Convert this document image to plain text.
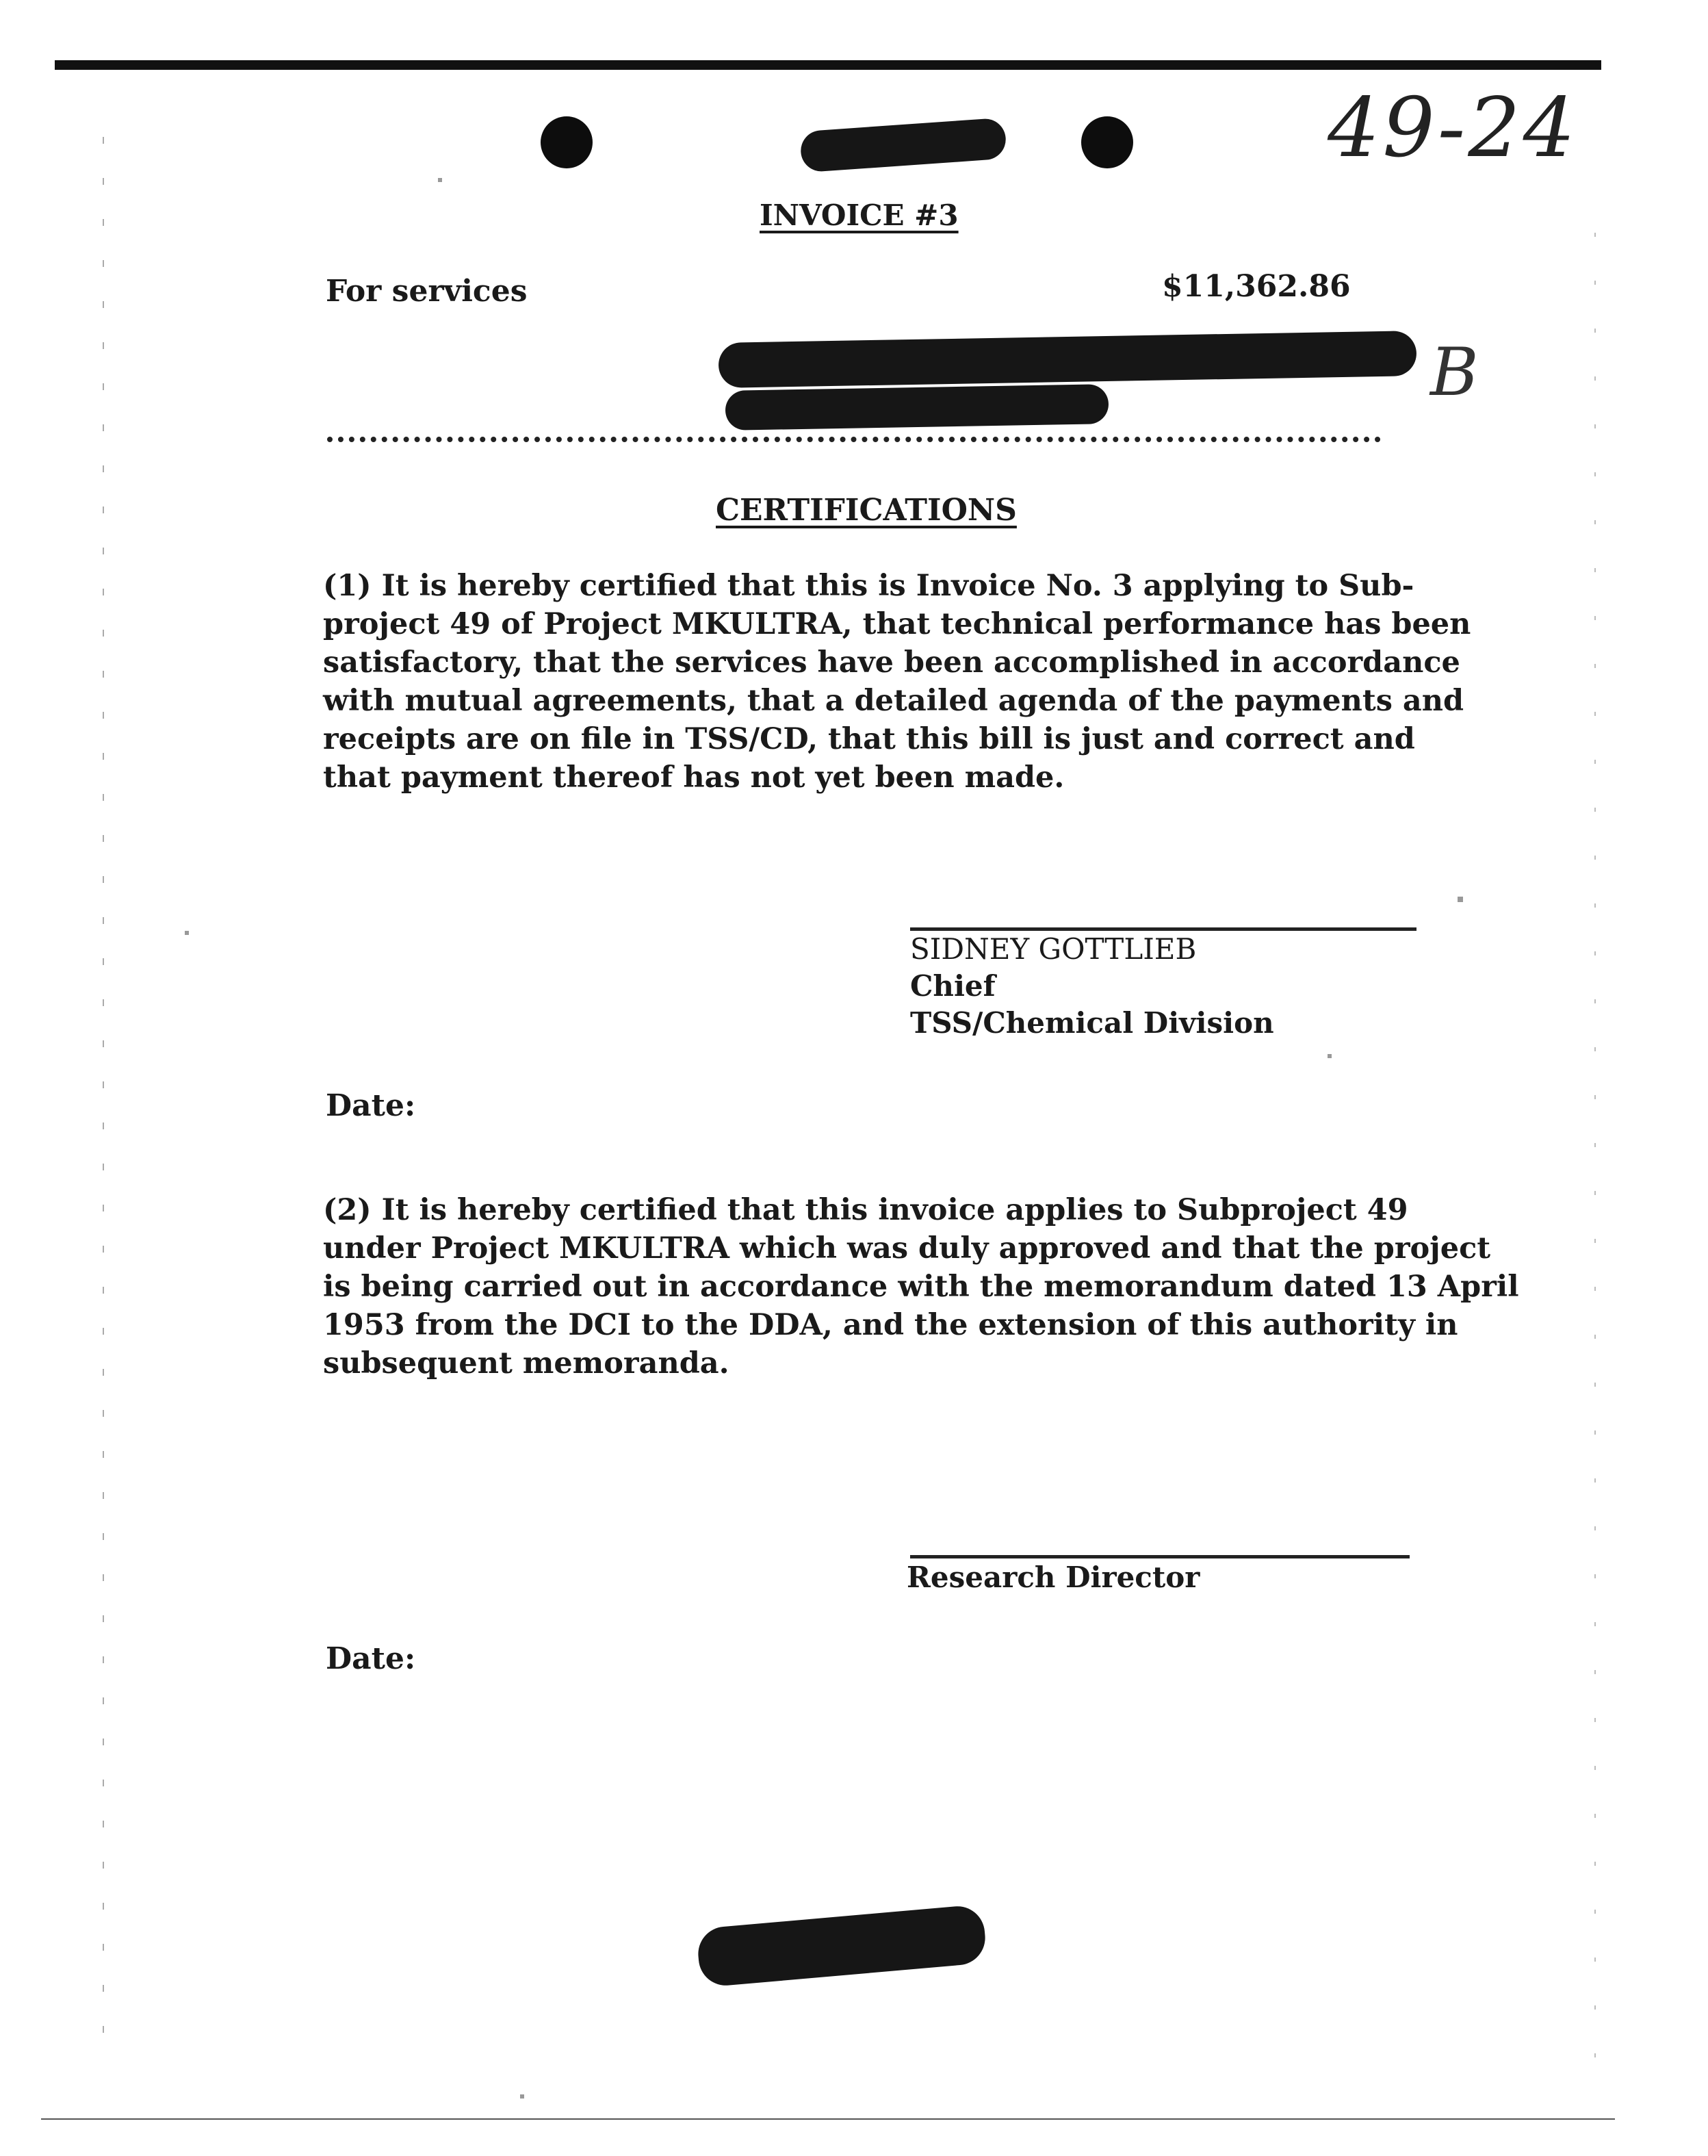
49-24
INVOICE #3
For services	$11,362.86
B
CERTIFICATIONS
(1) It is hereby certified that this is Invoice No. 3 applying to Sub-
project 49 of Project MKULTRA, that technical performance has been
satisfactory, that the services have been accomplished in accordance
with mutual agreements, that a detailed agenda of the payments and
receipts are on file in TSS/CD, that this bill is just and correct and
that payment thereof has not yet been made.
SIDNEY GOTTLIEB
Chief
TSS/Chemical Division
Date:
(2) It is hereby certified that this invoice applies to Subproject 49
under Project MKULTRA which was duly approved and that the project
is being carried out in accordance with the memorandum dated 13 April
1953 from the DCI to the DDA, and the extension of this authority in
subsequent memoranda.
Research Director
Date:
